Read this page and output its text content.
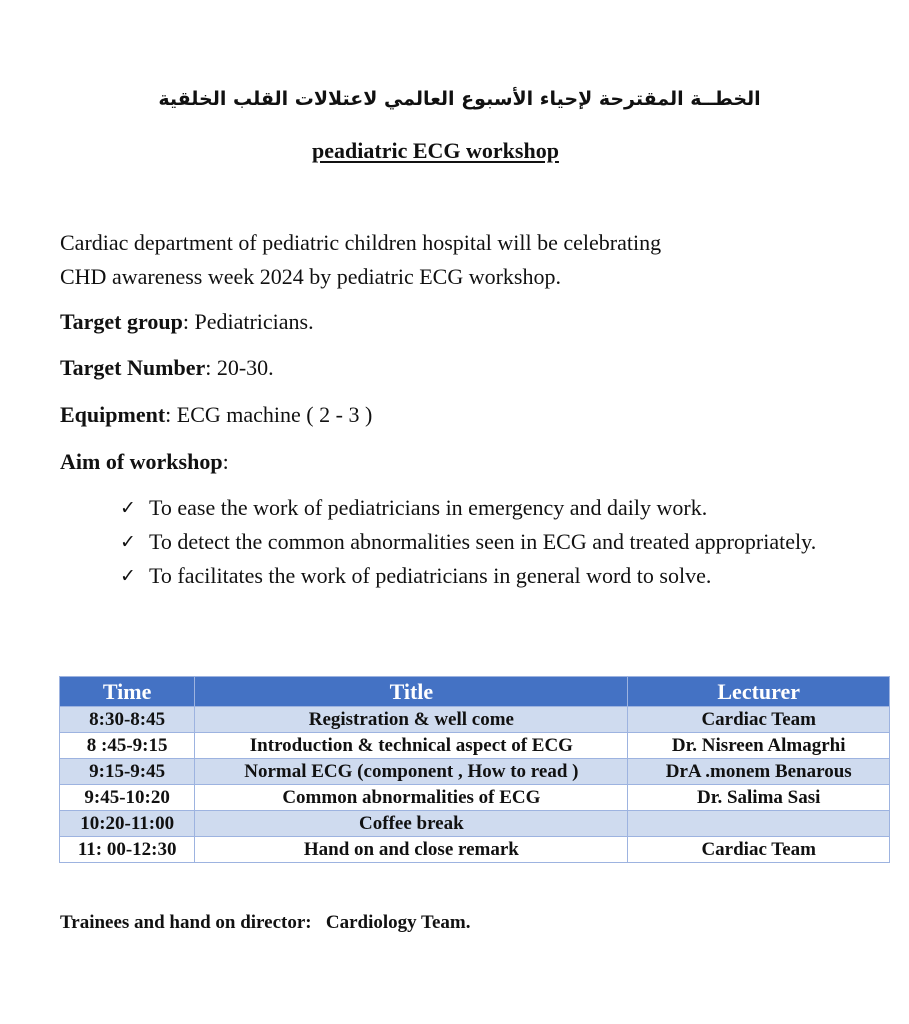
الخطــة المقترحة لإحياء الأسبوع العالمي لاعتلالات القلب الخلقية
peadiatric ECG workshop
Cardiac department of pediatric children hospital will be celebrating
CHD awareness week 2024 by pediatric ECG workshop.
Target group: Pediatricians.
Target Number: 20-30.
Equipment: ECG machine ( 2 - 3 )
Aim of workshop:
✓ To ease the work of pediatricians in emergency and daily work.
✓ To detect the common abnormalities seen in ECG and treated appropriately.
✓ To facilitates the work of pediatricians in general word to solve.
Time	Title	Lecturer
8:30-8:45	Registration & well come	Cardiac Team
8 :45-9:15	Introduction & technical aspect of ECG	Dr. Nisreen Almagrhi
9:15-9:45	Normal ECG (component , How to read )	DrA .monem Benarous
9:45-10:20	Common abnormalities of ECG	Dr. Salima Sasi
10:20-11:00	Coffee break	
11: 00-12:30	Hand on and close remark	Cardiac Team
Trainees and hand on director:   Cardiology Team.
